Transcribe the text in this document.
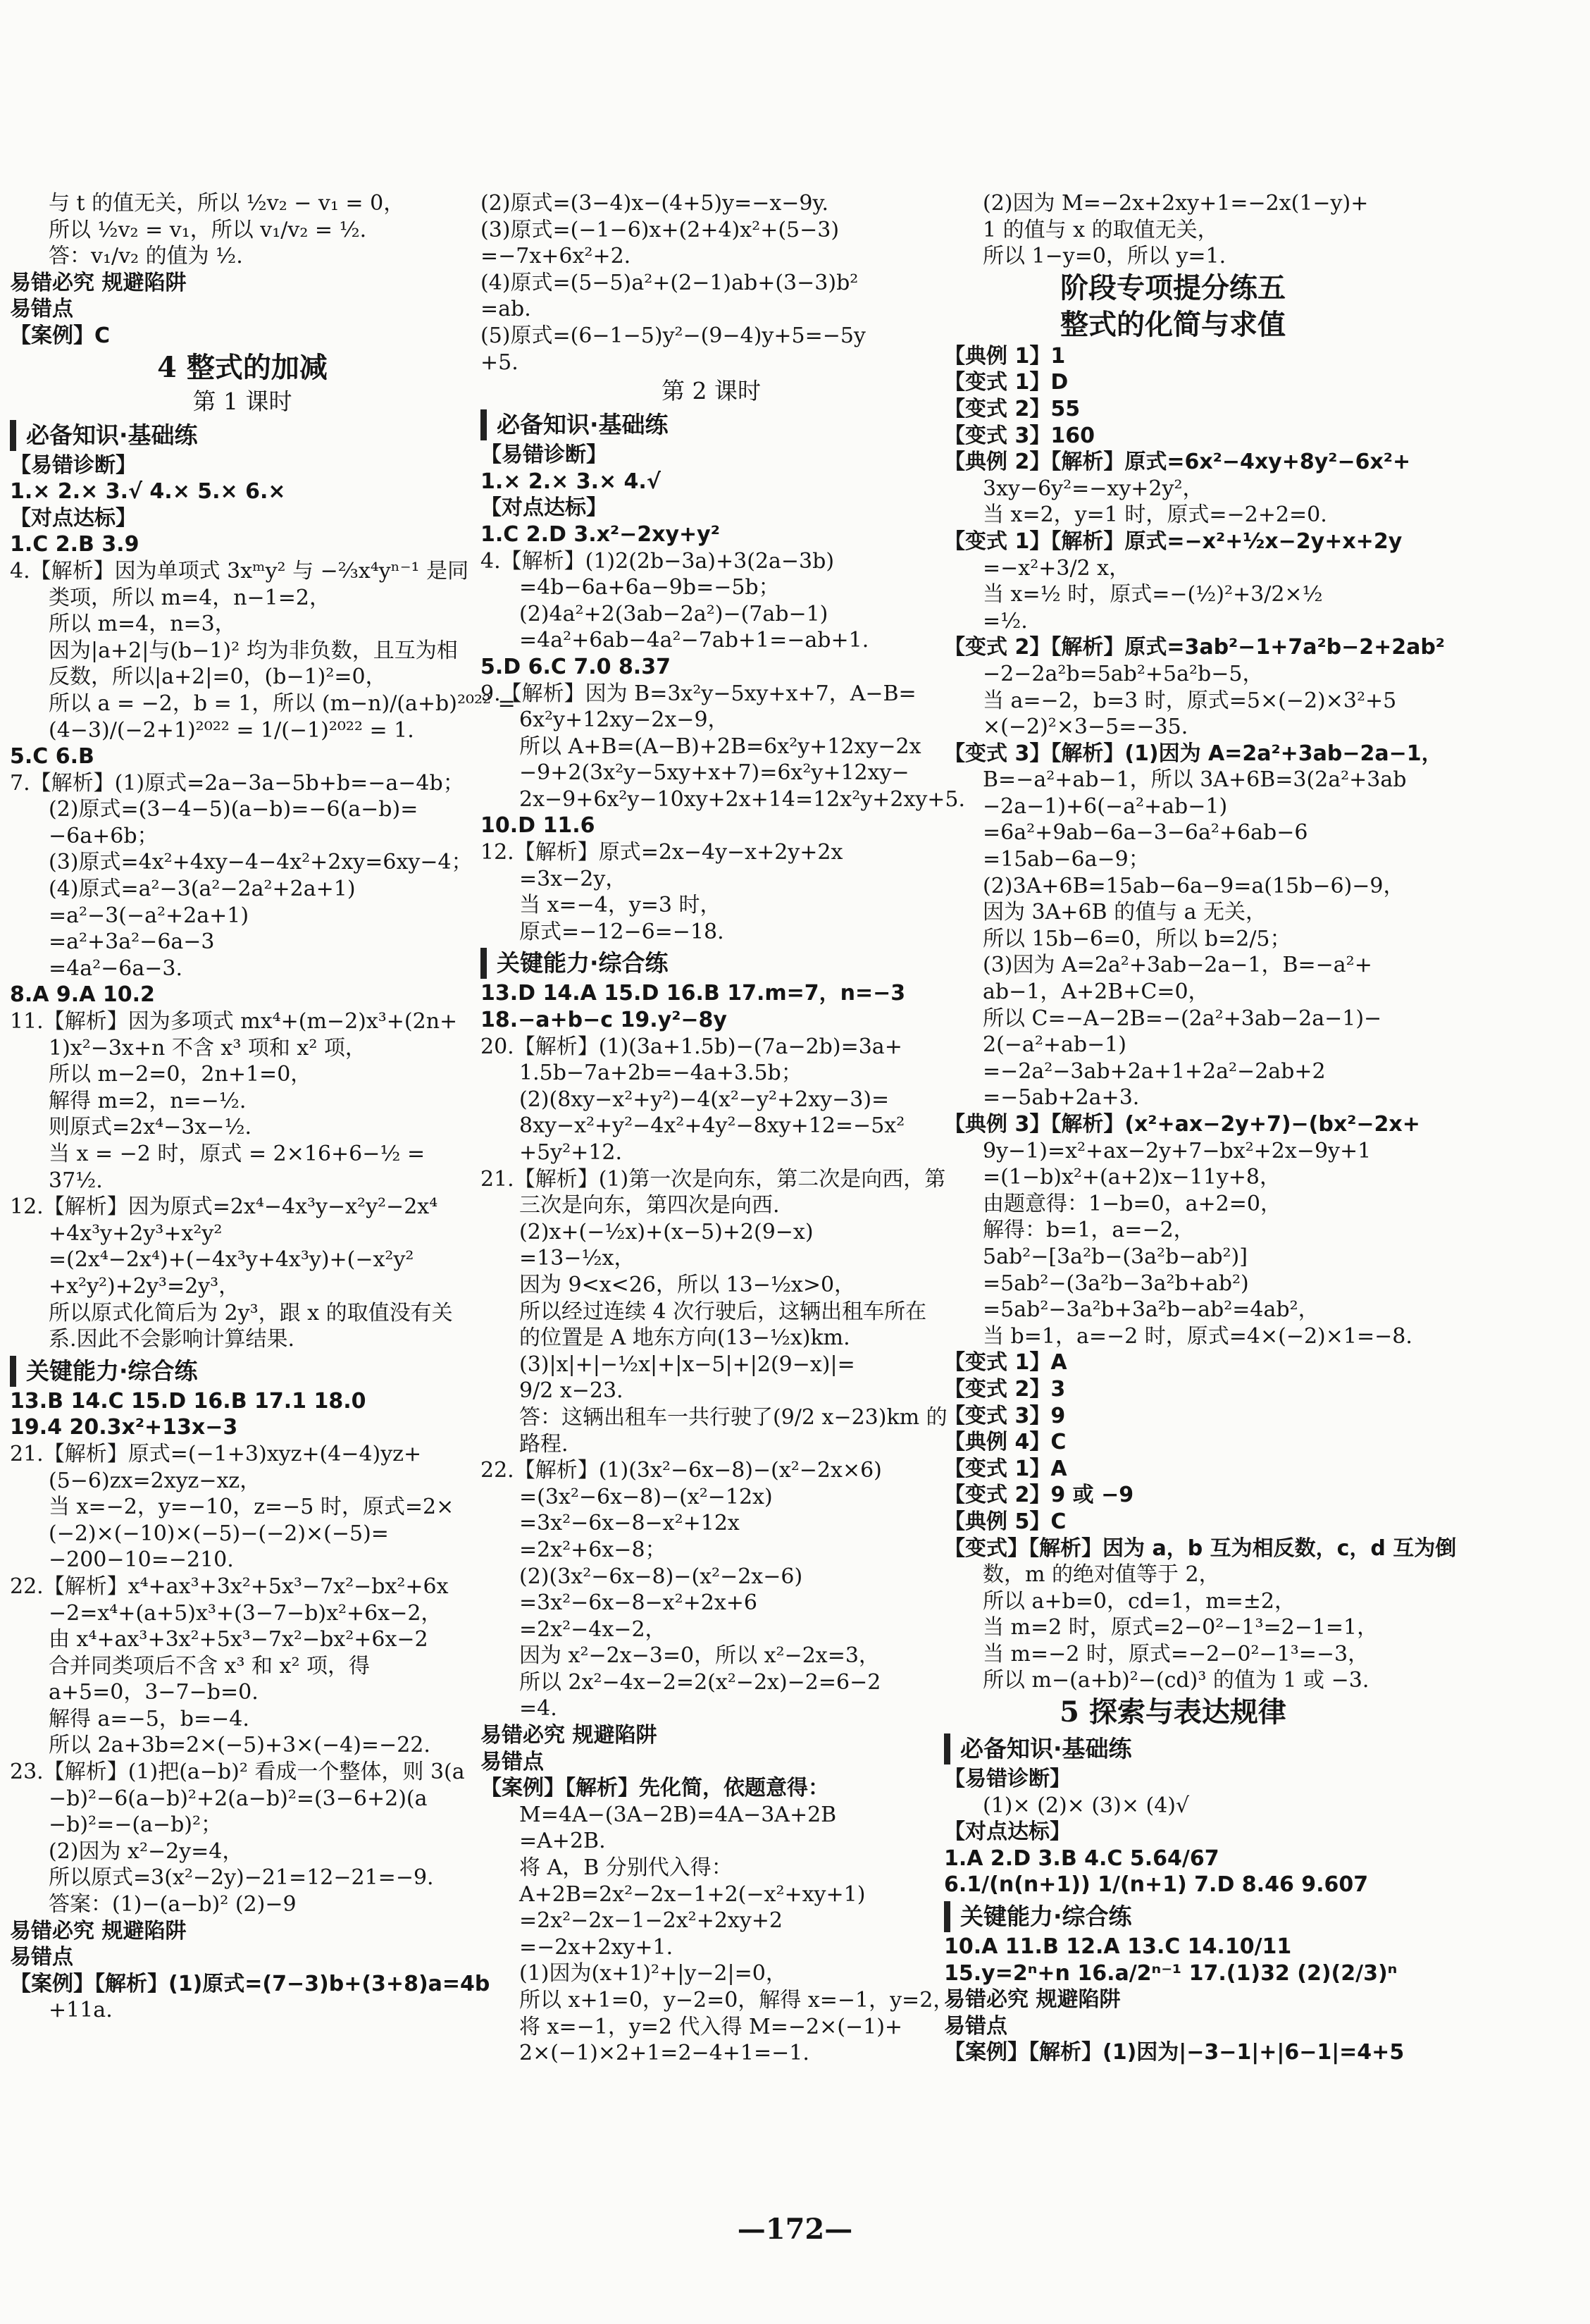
与 t 的值无关，所以 ½v₂ − v₁ = 0，
所以 ½v₂ = v₁，所以 v₁/v₂ = ½.
答：v₁/v₂ 的值为 ½.
易错必究 规避陷阱
易错点
【案例】C
4 整式的加减
第 1 课时
必备知识·基础练
【易错诊断】
1.× 2.× 3.√ 4.× 5.× 6.×
【对点达标】
1.C 2.B 3.9
4.【解析】因为单项式 3xᵐy² 与 −⅔x⁴yⁿ⁻¹ 是同
类项，所以 m=4，n−1=2，
所以 m=4，n=3，
因为|a+2|与(b−1)² 均为非负数，且互为相
反数，所以|a+2|=0，(b−1)²=0，
所以 a = −2，b = 1，所以 (m−n)/(a+b)²⁰²² =
(4−3)/(−2+1)²⁰²² = 1/(−1)²⁰²² = 1.
5.C 6.B
7.【解析】(1)原式=2a−3a−5b+b=−a−4b；
(2)原式=(3−4−5)(a−b)=−6(a−b)=
−6a+6b；
(3)原式=4x²+4xy−4−4x²+2xy=6xy−4；
(4)原式=a²−3(a²−2a²+2a+1)
=a²−3(−a²+2a+1)
=a²+3a²−6a−3
=4a²−6a−3.
8.A 9.A 10.2
11.【解析】因为多项式 mx⁴+(m−2)x³+(2n+
1)x²−3x+n 不含 x³ 项和 x² 项，
所以 m−2=0，2n+1=0，
解得 m=2，n=−½.
则原式=2x⁴−3x−½.
当 x = −2 时，原式 = 2×16+6−½ =
37½.
12.【解析】因为原式=2x⁴−4x³y−x²y²−2x⁴
+4x³y+2y³+x²y²
=(2x⁴−2x⁴)+(−4x³y+4x³y)+(−x²y²
+x²y²)+2y³=2y³，
所以原式化简后为 2y³，跟 x 的取值没有关
系.因此不会影响计算结果.
关键能力·综合练
13.B 14.C 15.D 16.B 17.1 18.0
19.4 20.3x²+13x−3
21.【解析】原式=(−1+3)xyz+(4−4)yz+
(5−6)zx=2xyz−xz，
当 x=−2，y=−10，z=−5 时，原式=2×
(−2)×(−10)×(−5)−(−2)×(−5)=
−200−10=−210.
22.【解析】x⁴+ax³+3x²+5x³−7x²−bx²+6x
−2=x⁴+(a+5)x³+(3−7−b)x²+6x−2，
由 x⁴+ax³+3x²+5x³−7x²−bx²+6x−2
合并同类项后不含 x³ 和 x² 项，得
a+5=0，3−7−b=0.
解得 a=−5，b=−4.
所以 2a+3b=2×(−5)+3×(−4)=−22.
23.【解析】(1)把(a−b)² 看成一个整体，则 3(a
−b)²−6(a−b)²+2(a−b)²=(3−6+2)(a
−b)²=−(a−b)²；
(2)因为 x²−2y=4，
所以原式=3(x²−2y)−21=12−21=−9.
答案：(1)−(a−b)² (2)−9
易错必究 规避陷阱
易错点
【案例】【解析】(1)原式=(7−3)b+(3+8)a=4b
+11a.
(2)原式=(3−4)x−(4+5)y=−x−9y.
(3)原式=(−1−6)x+(2+4)x²+(5−3)
=−7x+6x²+2.
(4)原式=(5−5)a²+(2−1)ab+(3−3)b²
=ab.
(5)原式=(6−1−5)y²−(9−4)y+5=−5y
+5.
第 2 课时
必备知识·基础练
【易错诊断】
1.× 2.× 3.× 4.√
【对点达标】
1.C 2.D 3.x²−2xy+y²
4.【解析】(1)2(2b−3a)+3(2a−3b)
=4b−6a+6a−9b=−5b；
(2)4a²+2(3ab−2a²)−(7ab−1)
=4a²+6ab−4a²−7ab+1=−ab+1.
5.D 6.C 7.0 8.37
9.【解析】因为 B=3x²y−5xy+x+7，A−B=
6x²y+12xy−2x−9，
所以 A+B=(A−B)+2B=6x²y+12xy−2x
−9+2(3x²y−5xy+x+7)=6x²y+12xy−
2x−9+6x²y−10xy+2x+14=12x²y+2xy+5.
10.D 11.6
12.【解析】原式=2x−4y−x+2y+2x
=3x−2y，
当 x=−4，y=3 时，
原式=−12−6=−18.
关键能力·综合练
13.D 14.A 15.D 16.B 17.m=7，n=−3
18.−a+b−c 19.y²−8y
20.【解析】(1)(3a+1.5b)−(7a−2b)=3a+
1.5b−7a+2b=−4a+3.5b；
(2)(8xy−x²+y²)−4(x²−y²+2xy−3)=
8xy−x²+y²−4x²+4y²−8xy+12=−5x²
+5y²+12.
21.【解析】(1)第一次是向东，第二次是向西，第
三次是向东，第四次是向西.
(2)x+(−½x)+(x−5)+2(9−x)
=13−½x，
因为 9<x<26，所以 13−½x>0，
所以经过连续 4 次行驶后，这辆出租车所在
的位置是 A 地东方向(13−½x)km.
(3)|x|+|−½x|+|x−5|+|2(9−x)|=
9/2 x−23.
答：这辆出租车一共行驶了(9/2 x−23)km 的
路程.
22.【解析】(1)(3x²−6x−8)−(x²−2x×6)
=(3x²−6x−8)−(x²−12x)
=3x²−6x−8−x²+12x
=2x²+6x−8；
(2)(3x²−6x−8)−(x²−2x−6)
=3x²−6x−8−x²+2x+6
=2x²−4x−2，
因为 x²−2x−3=0，所以 x²−2x=3，
所以 2x²−4x−2=2(x²−2x)−2=6−2
=4.
易错必究 规避陷阱
易错点
【案例】【解析】先化简，依题意得：
M=4A−(3A−2B)=4A−3A+2B
=A+2B.
将 A，B 分别代入得：
A+2B=2x²−2x−1+2(−x²+xy+1)
=2x²−2x−1−2x²+2xy+2
=−2x+2xy+1.
(1)因为(x+1)²+|y−2|=0，
所以 x+1=0，y−2=0，解得 x=−1，y=2，
将 x=−1，y=2 代入得 M=−2×(−1)+
2×(−1)×2+1=2−4+1=−1.
(2)因为 M=−2x+2xy+1=−2x(1−y)+
1 的值与 x 的取值无关，
所以 1−y=0，所以 y=1.
阶段专项提分练五
整式的化简与求值
【典例 1】1
【变式 1】D
【变式 2】55
【变式 3】160
【典例 2】【解析】原式=6x²−4xy+8y²−6x²+
3xy−6y²=−xy+2y²，
当 x=2，y=1 时，原式=−2+2=0.
【变式 1】【解析】原式=−x²+½x−2y+x+2y
=−x²+3/2 x，
当 x=½ 时，原式=−(½)²+3/2×½
=½.
【变式 2】【解析】原式=3ab²−1+7a²b−2+2ab²
−2−2a²b=5ab²+5a²b−5，
当 a=−2，b=3 时，原式=5×(−2)×3²+5
×(−2)²×3−5=−35.
【变式 3】【解析】(1)因为 A=2a²+3ab−2a−1，
B=−a²+ab−1，所以 3A+6B=3(2a²+3ab
−2a−1)+6(−a²+ab−1)
=6a²+9ab−6a−3−6a²+6ab−6
=15ab−6a−9；
(2)3A+6B=15ab−6a−9=a(15b−6)−9，
因为 3A+6B 的值与 a 无关，
所以 15b−6=0，所以 b=2/5；
(3)因为 A=2a²+3ab−2a−1，B=−a²+
ab−1，A+2B+C=0，
所以 C=−A−2B=−(2a²+3ab−2a−1)−
2(−a²+ab−1)
=−2a²−3ab+2a+1+2a²−2ab+2
=−5ab+2a+3.
【典例 3】【解析】(x²+ax−2y+7)−(bx²−2x+
9y−1)=x²+ax−2y+7−bx²+2x−9y+1
=(1−b)x²+(a+2)x−11y+8，
由题意得：1−b=0，a+2=0，
解得：b=1，a=−2，
5ab²−[3a²b−(3a²b−ab²)]
=5ab²−(3a²b−3a²b+ab²)
=5ab²−3a²b+3a²b−ab²=4ab²，
当 b=1，a=−2 时，原式=4×(−2)×1=−8.
【变式 1】A
【变式 2】3
【变式 3】9
【典例 4】C
【变式 1】A
【变式 2】9 或 −9
【典例 5】C
【变式】【解析】因为 a，b 互为相反数，c，d 互为倒
数，m 的绝对值等于 2，
所以 a+b=0，cd=1，m=±2，
当 m=2 时，原式=2−0²−1³=2−1=1，
当 m=−2 时，原式=−2−0²−1³=−3，
所以 m−(a+b)²−(cd)³ 的值为 1 或 −3.
5 探索与表达规律
必备知识·基础练
【易错诊断】
(1)× (2)× (3)× (4)√
【对点达标】
1.A 2.D 3.B 4.C 5.64/67
6.1/(n(n+1)) 1/(n+1) 7.D 8.46 9.607
关键能力·综合练
10.A 11.B 12.A 13.C 14.10/11
15.y=2ⁿ+n 16.a/2ⁿ⁻¹ 17.(1)32 (2)(2/3)ⁿ
易错必究 规避陷阱
易错点
【案例】【解析】(1)因为|−3−1|+|6−1|=4+5
—172—
